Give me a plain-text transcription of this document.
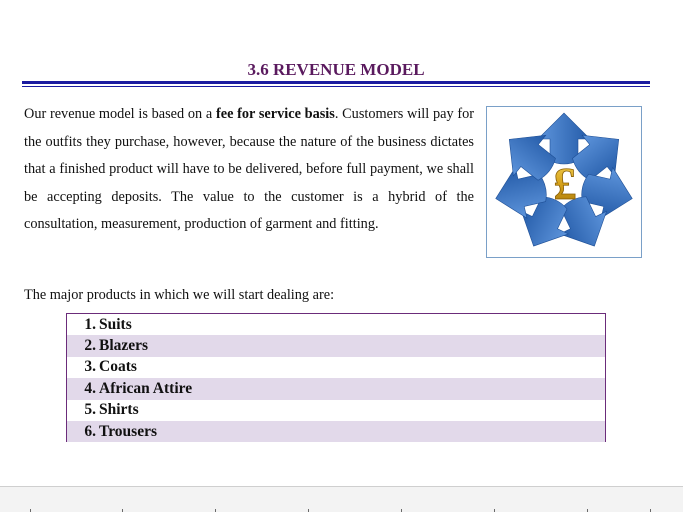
3.6 REVENUE MODEL
Our revenue model is based on a fee for service basis. Customers will pay for the outfits they purchase, however, because the nature of the business dictates that a finished product will have to be delivered, before full payment, we shall be accepting deposits. The value to the customer is a hybrid of the consultation, measurement, production of garment and fitting.
£
The major products in which we will start dealing are:
1. Suits
2. Blazers
3. Coats
4. African Attire
5. Shirts
6. Trousers
